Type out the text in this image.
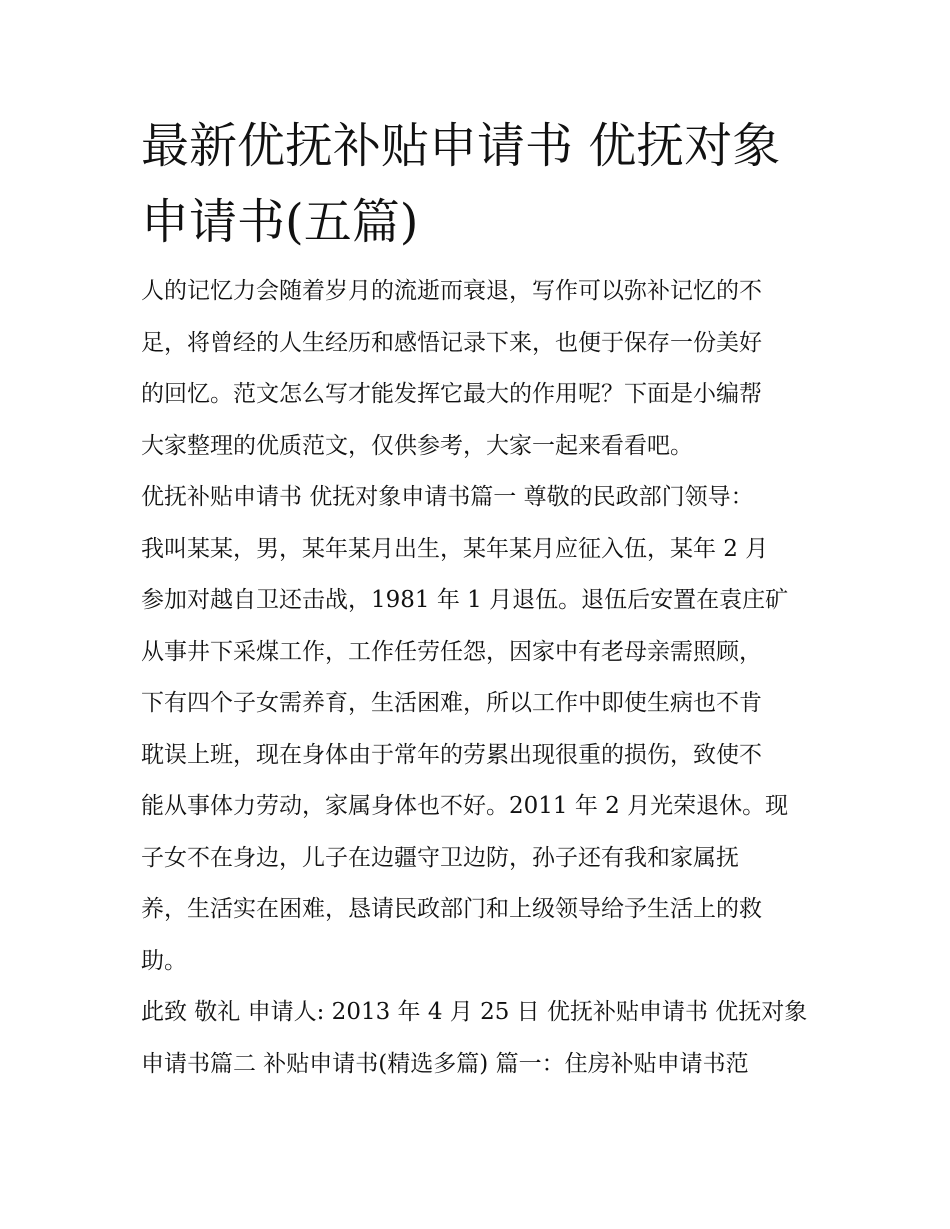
最新优抚补贴申请书 优抚对象
申请书(五篇)

人的记忆力会随着岁月的流逝而衰退，写作可以弥补记忆的不
足，将曾经的人生经历和感悟记录下来，也便于保存一份美好
的回忆。范文怎么写才能发挥它最大的作用呢？下面是小编帮
大家整理的优质范文，仅供参考，大家一起来看看吧。

优抚补贴申请书 优抚对象申请书篇一 尊敬的民政部门领导：
我叫某某，男，某年某月出生，某年某月应征入伍，某年 2 月
参加对越自卫还击战，1981 年 1 月退伍。退伍后安置在袁庄矿
从事井下采煤工作，工作任劳任怨，因家中有老母亲需照顾，
下有四个子女需养育，生活困难，所以工作中即使生病也不肯
耽误上班，现在身体由于常年的劳累出现很重的损伤，致使不
能从事体力劳动，家属身体也不好。2011 年 2 月光荣退休。现
子女不在身边，儿子在边疆守卫边防，孙子还有我和家属抚
养，生活实在困难，恳请民政部门和上级领导给予生活上的救
助。

此致 敬礼 申请人: 2013 年 4 月 25 日 优抚补贴申请书 优抚对象
申请书篇二 补贴申请书(精选多篇) 篇一：住房补贴申请书范
